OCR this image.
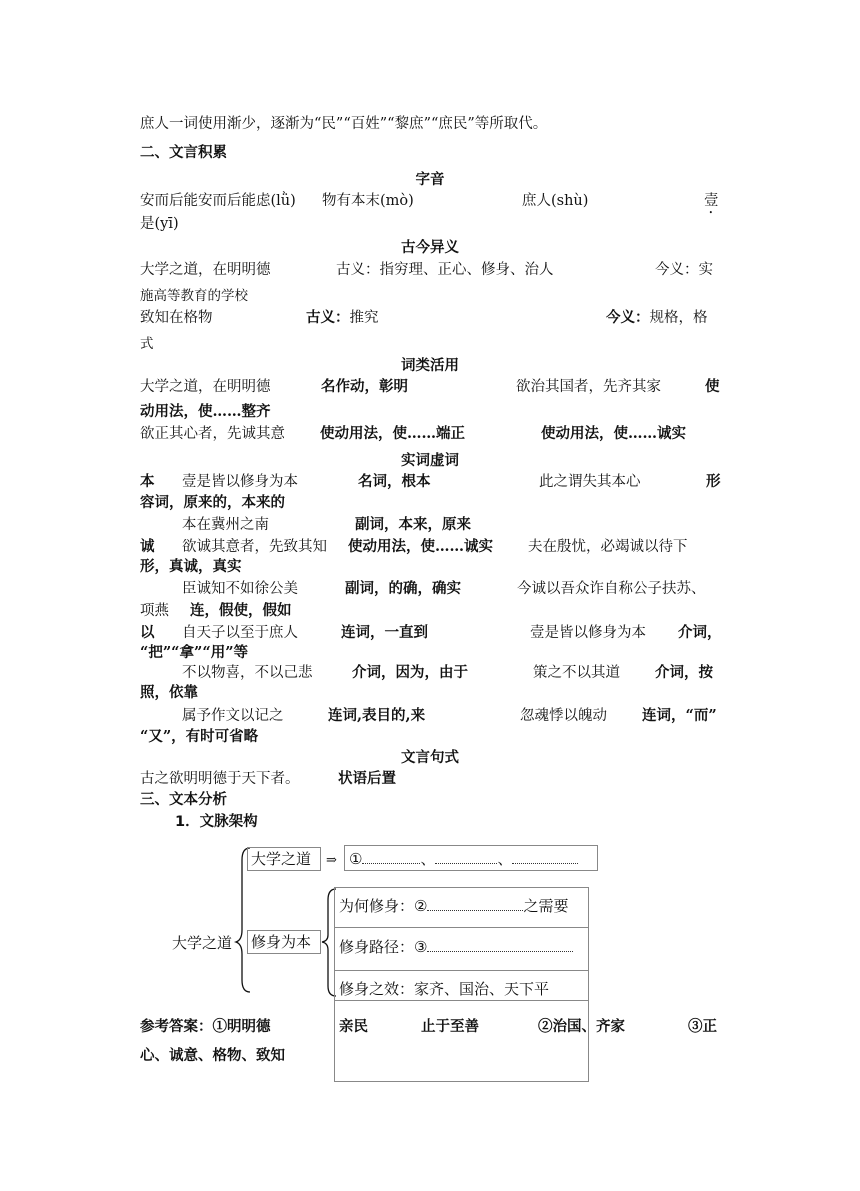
庶人一词使用渐少，逐渐为“民”“百姓”“黎庶”“庶民”等所取代。
二、文言积累
字音
安而后能安而后能虑(lǜ) 物有本末(mò)	庶人(shù)	壹
是(yī)
古今异义
大学之道，在明明德	古义：指穷理、正心、修身、治人	今义：实
施高等教育的学校
致知在格物	古义：推究	今义：规格，格
式
词类活用
大学之道，在明明德	名作动，彰明	欲治其国者，先齐其家	使
动用法，使……整齐
欲正其心者，先诚其意 使动用法，使……端正	使动用法，使……诚实
实词虚词
本 壹是皆以修身为本	名词，根本	此之谓失其本心	形
容词，原来的，本来的
本在冀州之南	副词，本来，原来
诚 欲诚其意者，先致其知 使动用法，使……诚实 夫在殷忧，必竭诚以待下
形，真诚，真实
臣诚知不如徐公美	副词，的确，确实	今诚以吾众诈自称公子扶苏、
项燕 连，假使，假如
以 自天子以至于庶人	连词，一直到	壹是皆以修身为本 介词，
“把”“拿”“用”等
不以物喜，不以己悲	介词，因为，由于	策之不以其道 介词，按
照，依靠
属予作文以记之	连词,表目的,来	忽魂悸以魄动 连词，“而”
“又”，有时可省略
文言句式
古之欲明明德于天下者。	状语后置
三、文本分析
1．文脉架构
大学之道
大学之道 ⇒ ①	、	、
修身为本
为何修身：②	之需要
修身路径：③
修身之效：家齐、国治、天下平
参考答案：①明明德	亲民	止于至善	②治国、齐家	③正
心、诚意、格物、致知
